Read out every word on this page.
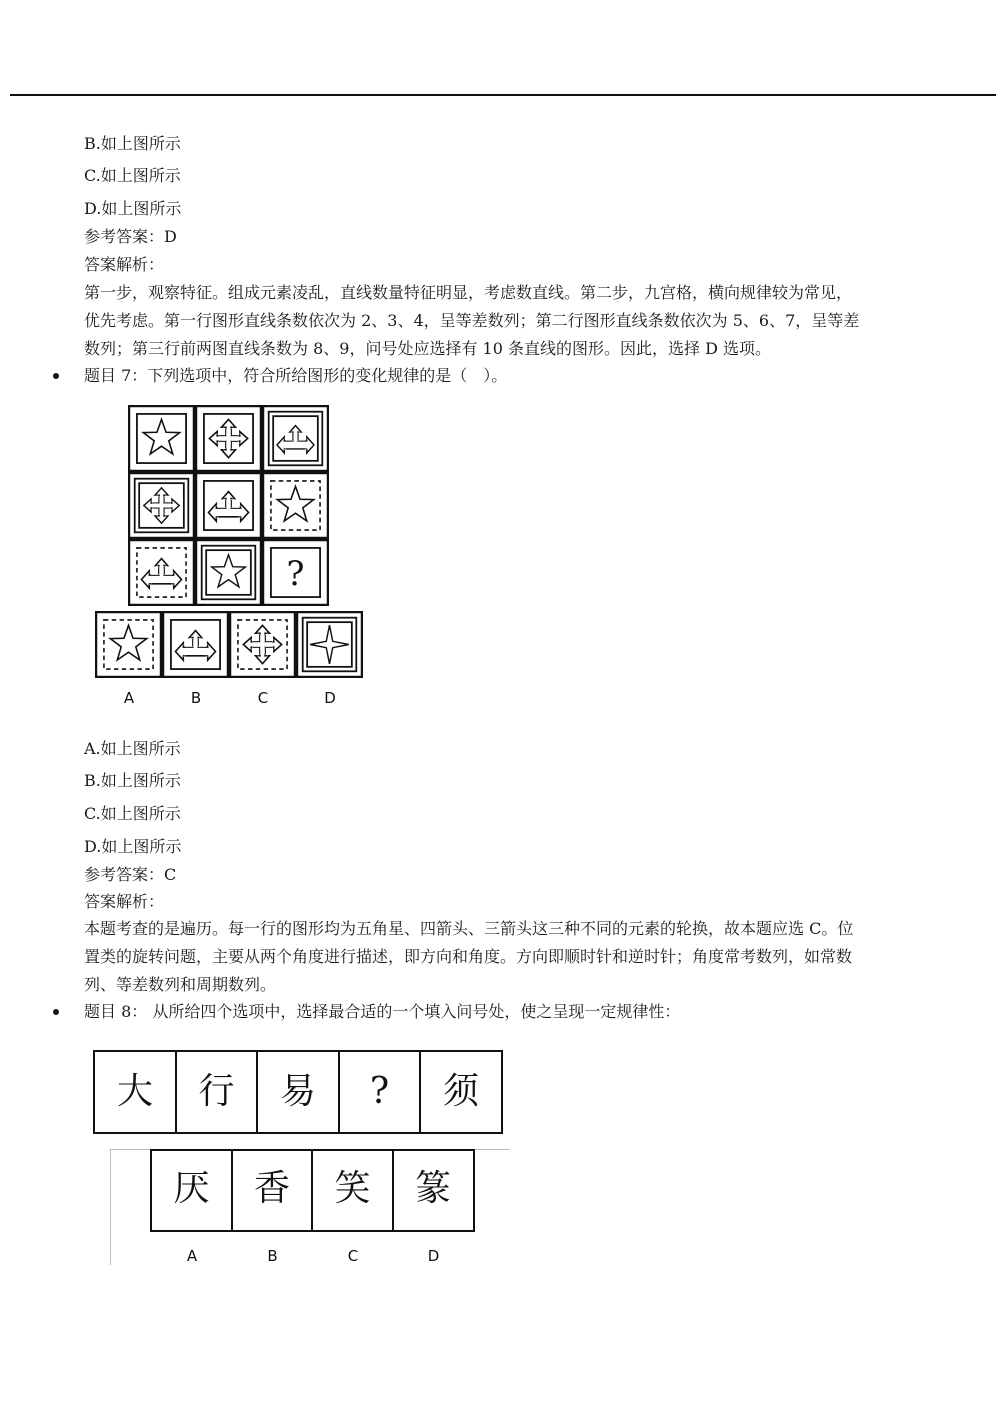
B.如上图所示
C.如上图所示
D.如上图所示
参考答案：D
答案解析：
第一步，观察特征。组成元素凌乱，直线数量特征明显，考虑数直线。第二步，九宫格，横向规律较为常见，
优先考虑。第一行图形直线条数依次为 2、3、4，呈等差数列；第二行图形直线条数依次为 5、6、7，呈等差
数列；第三行前两图直线条数为 8、9，问号处应选择有 10 条直线的图形。因此，选择 D 选项。
题目 7：下列选项中，符合所给图形的变化规律的是（　）。
?
A	B	C	D
A.如上图所示
B.如上图所示
C.如上图所示
D.如上图所示
参考答案：C
答案解析：
本题考查的是遍历。每一行的图形均为五角星、四箭头、三箭头这三种不同的元素的轮换，故本题应选 C。位
置类的旋转问题，主要从两个角度进行描述，即方向和角度。方向即顺时针和逆时针；角度常考数列，如常数
列、等差数列和周期数列。
题目 8： 从所给四个选项中，选择最合适的一个填入问号处，使之呈现一定规律性：
大	行	易	?	须
厌
A
香
B
笑
C
篆
D
